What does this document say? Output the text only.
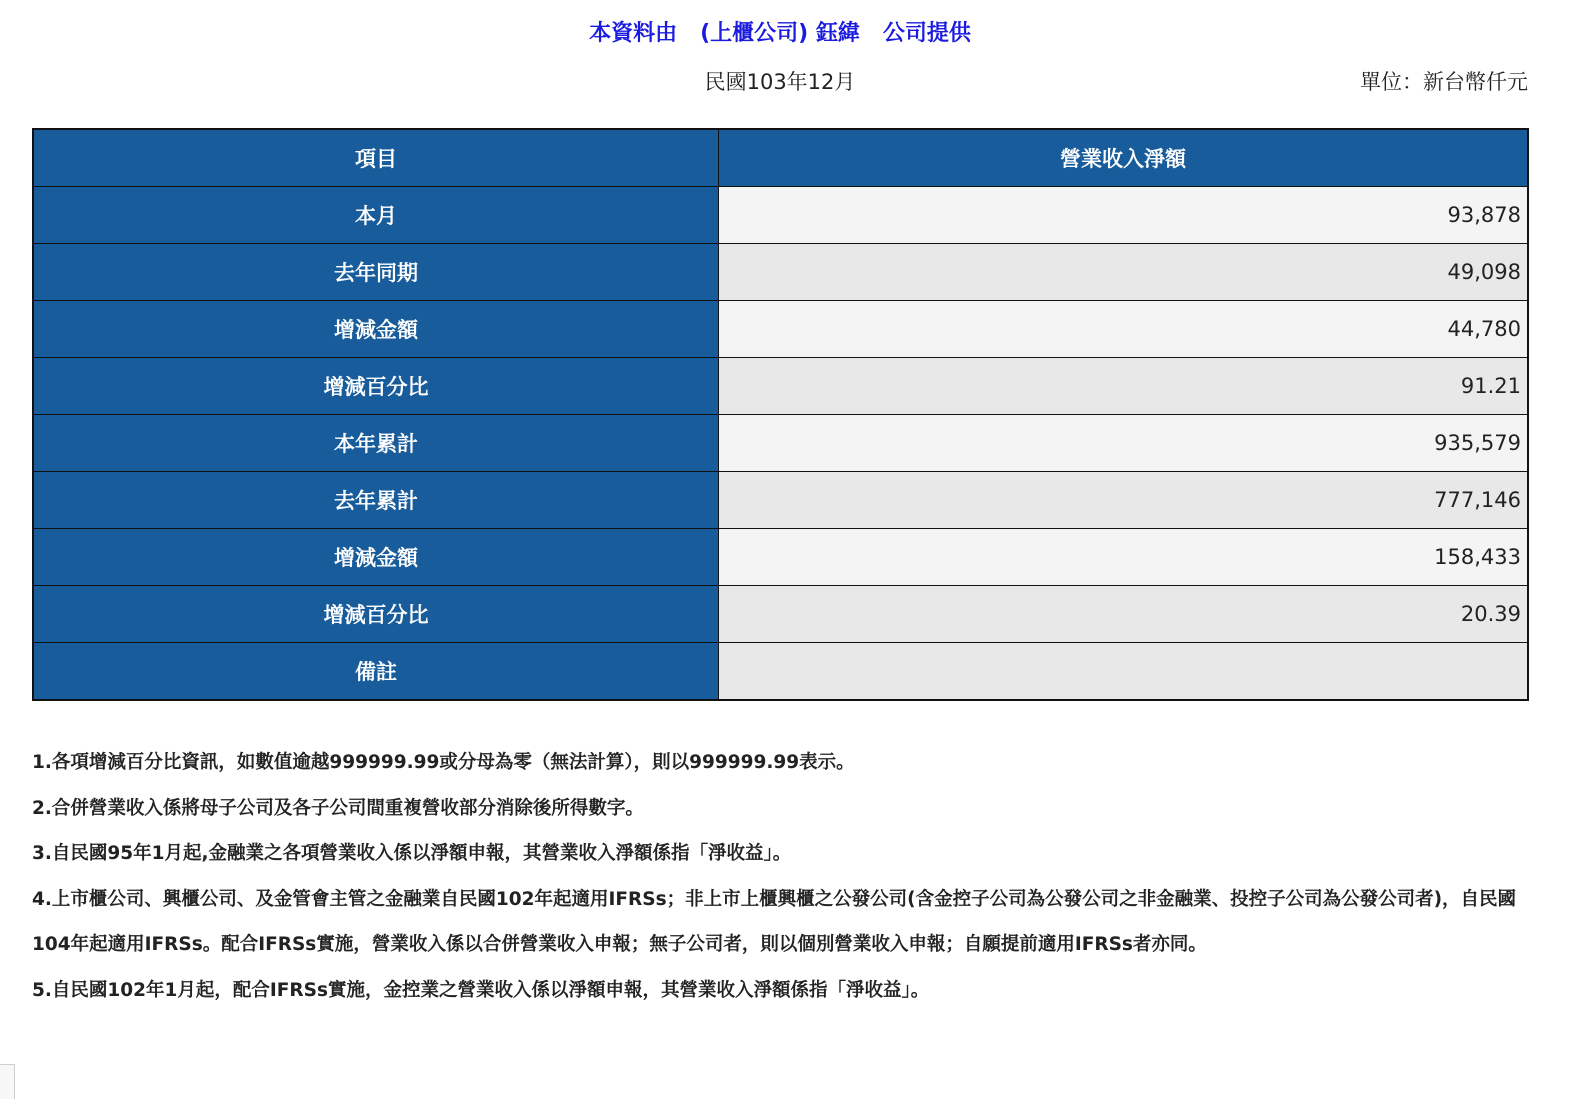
本資料由 (上櫃公司) 鈺緯 公司提供
民國103年12月	單位：新台幣仟元
項目	營業收入淨額
本月	93,878
去年同期	49,098
增減金額	44,780
增減百分比	91.21
本年累計	935,579
去年累計	777,146
增減金額	158,433
增減百分比	20.39
備註	

1.各項增減百分比資訊，如數值逾越999999.99或分母為零（無法計算），則以999999.99表示。

2.合併營業收入係將母子公司及各子公司間重複營收部分消除後所得數字。

3.自民國95年1月起,金融業之各項營業收入係以淨額申報，其營業收入淨額係指「淨收益」。

4.上市櫃公司、興櫃公司、及金管會主管之金融業自民國102年起適用IFRSs；非上市上櫃興櫃之公發公司(含金控子公司為公發公司之非金融業、投控子公司為公發公司者)，自民國104年起適用IFRSs。配合IFRSs實施，營業收入係以合併營業收入申報；無子公司者，則以個別營業收入申報；自願提前適用IFRSs者亦同。

5.自民國102年1月起，配合IFRSs實施，金控業之營業收入係以淨額申報，其營業收入淨額係指「淨收益」。
